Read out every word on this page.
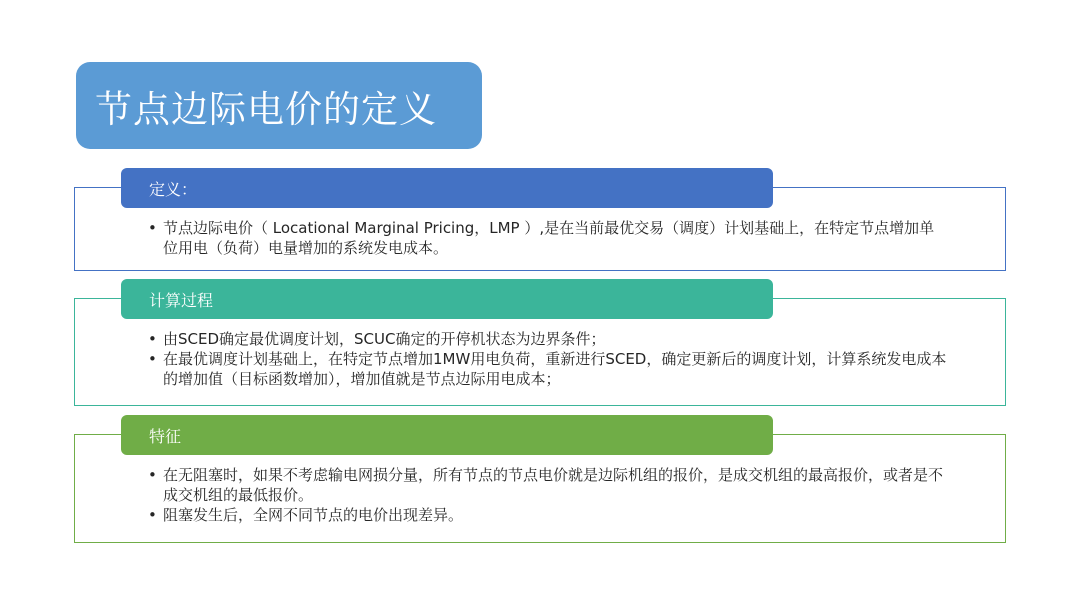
节点边际电价的定义
定义：
• 节点边际电价（ Locational Marginal Pricing，LMP ）,是在当前最优交易（调度）计划基础上，在特定节点增加单位用电（负荷）电量增加的系统发电成本。
计算过程
• 由SCED确定最优调度计划，SCUC确定的开停机状态为边界条件；
• 在最优调度计划基础上，在特定节点增加1MW用电负荷，重新进行SCED，确定更新后的调度计划，计算系统发电成本的增加值（目标函数增加），增加值就是节点边际用电成本；
特征
• 在无阻塞时，如果不考虑输电网损分量，所有节点的节点电价就是边际机组的报价，是成交机组的最高报价，或者是不成交机组的最低报价。
• 阻塞发生后，全网不同节点的电价出现差异。
